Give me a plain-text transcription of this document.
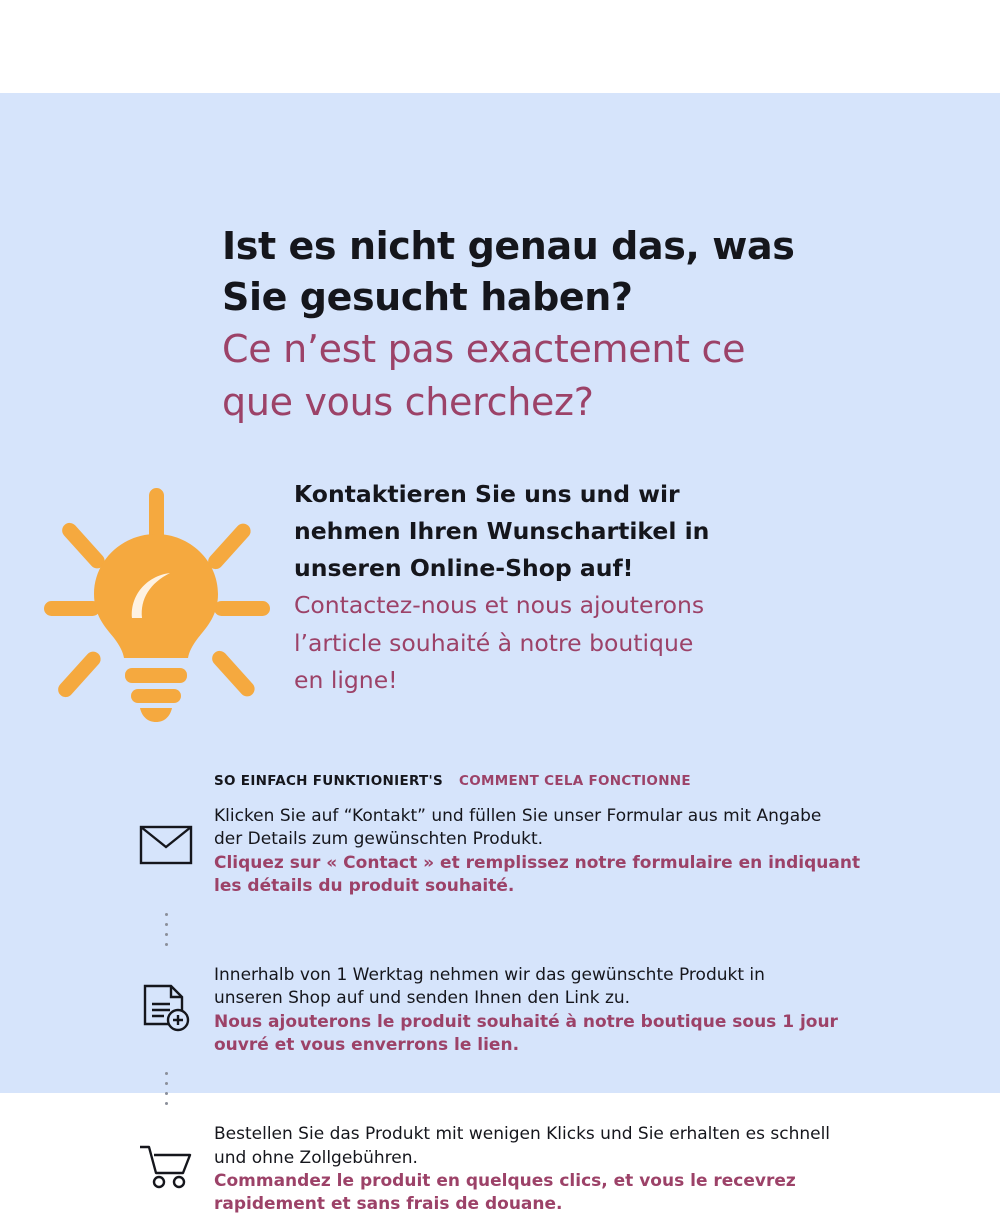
Ist es nicht genau das, was
Sie gesucht haben?
Ce n’est pas exactement ce
que vous cherchez?
Kontaktieren Sie uns und wir
nehmen Ihren Wunschartikel in
unseren Online-Shop auf!
Contactez-nous et nous ajouterons
l’article souhaité à notre boutique
en ligne!
SO EINFACH FUNKTIONIERT'S COMMENT CELA FONCTIONNE
Klicken Sie auf “Kontakt” und füllen Sie unser Formular aus mit Angabe
der Details zum gewünschten Produkt.
Cliquez sur « Contact » et remplissez notre formulaire en indiquant
les détails du produit souhaité.
Innerhalb von 1 Werktag nehmen wir das gewünschte Produkt in
unseren Shop auf und senden Ihnen den Link zu.
Nous ajouterons le produit souhaité à notre boutique sous 1 jour
ouvré et vous enverrons le lien.
Bestellen Sie das Produkt mit wenigen Klicks und Sie erhalten es schnell
und ohne Zollgebühren.
Commandez le produit en quelques clics, et vous le recevrez
rapidement et sans frais de douane.
